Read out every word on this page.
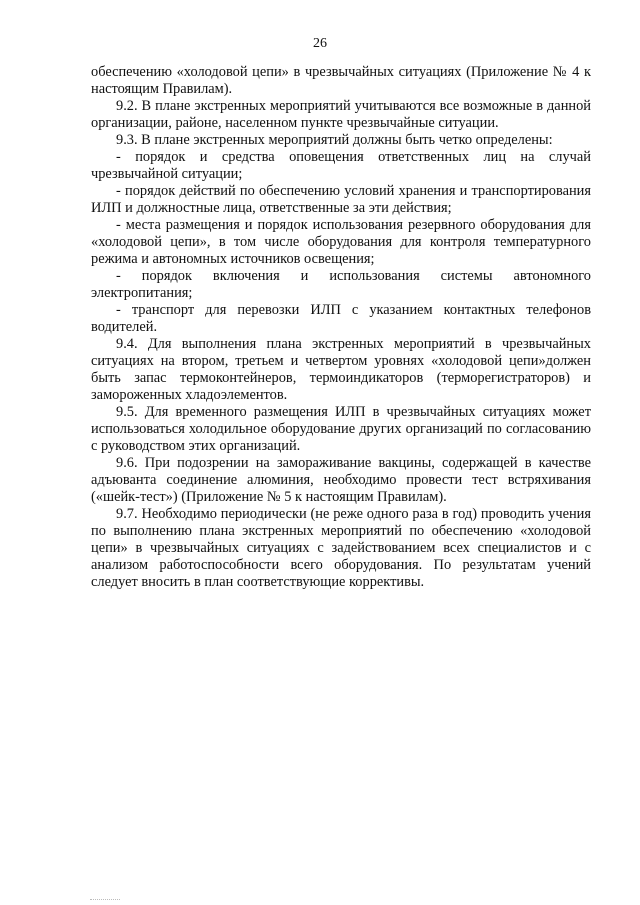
26

обеспечению «холодовой цепи» в чрезвычайных ситуациях (Приложение № 4 к настоящим Правилам).

9.2. В плане экстренных мероприятий учитываются все возможные в данной организации, районе, населенном пункте чрезвычайные ситуации.

9.3. В плане экстренных мероприятий должны быть четко определены:

- порядок и средства оповещения ответственных лиц на случай чрезвычайной ситуации;

- порядок действий по обеспечению условий хранения и транспортирования ИЛП и должностные лица, ответственные за эти действия;

- места размещения и порядок использования резервного оборудования для «холодовой цепи», в том числе оборудования для контроля температурного режима и автономных источников освещения;

- порядок включения и использования системы автономного электропитания;

- транспорт для перевозки ИЛП с указанием контактных телефонов водителей.

9.4. Для выполнения плана экстренных мероприятий в чрезвычайных ситуациях на втором, третьем и четвертом уровнях «холодовой цепи»должен быть запас термоконтейнеров, термоиндикаторов (терморегистраторов) и замороженных хладоэлементов.

9.5. Для временного размещения ИЛП в чрезвычайных ситуациях может использоваться холодильное оборудование других организаций по согласованию с руководством этих организаций.

9.6. При подозрении на замораживание вакцины, содержащей в качестве адъюванта соединение алюминия, необходимо провести тест встряхивания («шейк-тест») (Приложение № 5 к настоящим Правилам).

9.7. Необходимо периодически (не реже одного раза в год) проводить учения по выполнению плана экстренных мероприятий по обеспечению «холодовой цепи» в чрезвычайных ситуациях с задействованием всех специалистов и с анализом работоспособности всего оборудования. По результатам учений следует вносить в план соответствующие коррективы.
